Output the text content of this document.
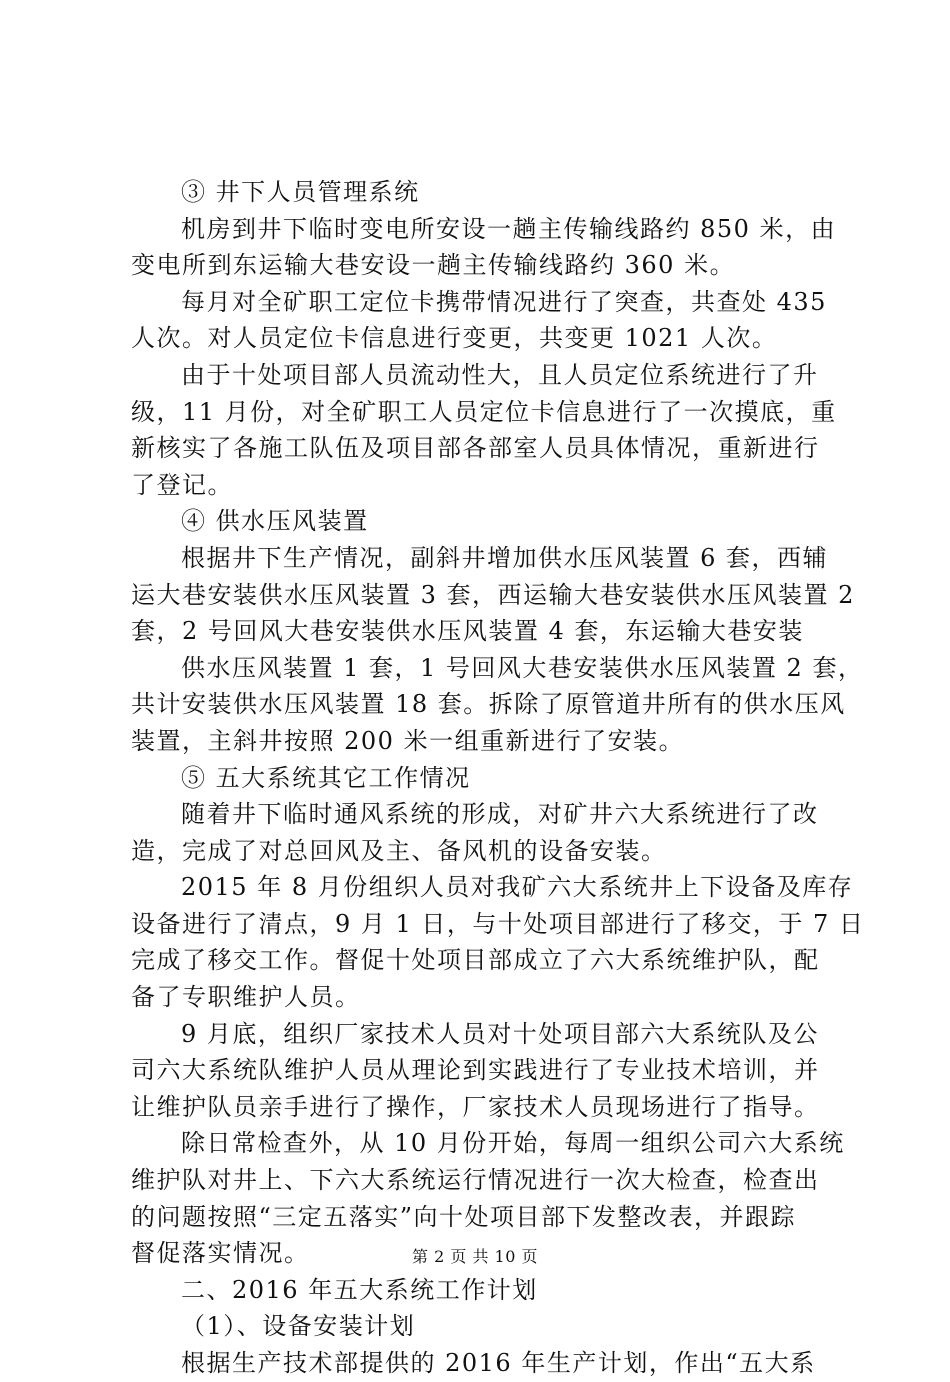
③ 井下人员管理系统
机房到井下临时变电所安设一趟主传输线路约 850 米，由
变电所到东运输大巷安设一趟主传输线路约 360 米。
每月对全矿职工定位卡携带情况进行了突查，共查处 435
人次。对人员定位卡信息进行变更，共变更 1021 人次。
由于十处项目部人员流动性大，且人员定位系统进行了升
级，11 月份，对全矿职工人员定位卡信息进行了一次摸底，重
新核实了各施工队伍及项目部各部室人员具体情况，重新进行
了登记。
④ 供水压风装置
根据井下生产情况，副斜井增加供水压风装置 6 套，西辅
运大巷安装供水压风装置 3 套，西运输大巷安装供水压风装置 2
套，2 号回风大巷安装供水压风装置 4 套，东运输大巷安装
供水压风装置 1 套，1 号回风大巷安装供水压风装置 2 套，
共计安装供水压风装置 18 套。拆除了原管道井所有的供水压风
装置，主斜井按照 200 米一组重新进行了安装。
⑤ 五大系统其它工作情况
随着井下临时通风系统的形成，对矿井六大系统进行了改
造，完成了对总回风及主、备风机的设备安装。
2015 年 8 月份组织人员对我矿六大系统井上下设备及库存
设备进行了清点，9 月 1 日，与十处项目部进行了移交，于 7 日
完成了移交工作。督促十处项目部成立了六大系统维护队，配
备了专职维护人员。
9 月底，组织厂家技术人员对十处项目部六大系统队及公
司六大系统队维护人员从理论到实践进行了专业技术培训，并
让维护队员亲手进行了操作，厂家技术人员现场进行了指导。
除日常检查外，从 10 月份开始，每周一组织公司六大系统
维护队对井上、下六大系统运行情况进行一次大检查，检查出
的问题按照“三定五落实”向十处项目部下发整改表，并跟踪
督促落实情况。
二、2016 年五大系统工作计划
（1）、设备安装计划
根据生产技术部提供的 2016 年生产计划，作出“五大系
第 2 页 共 10 页
